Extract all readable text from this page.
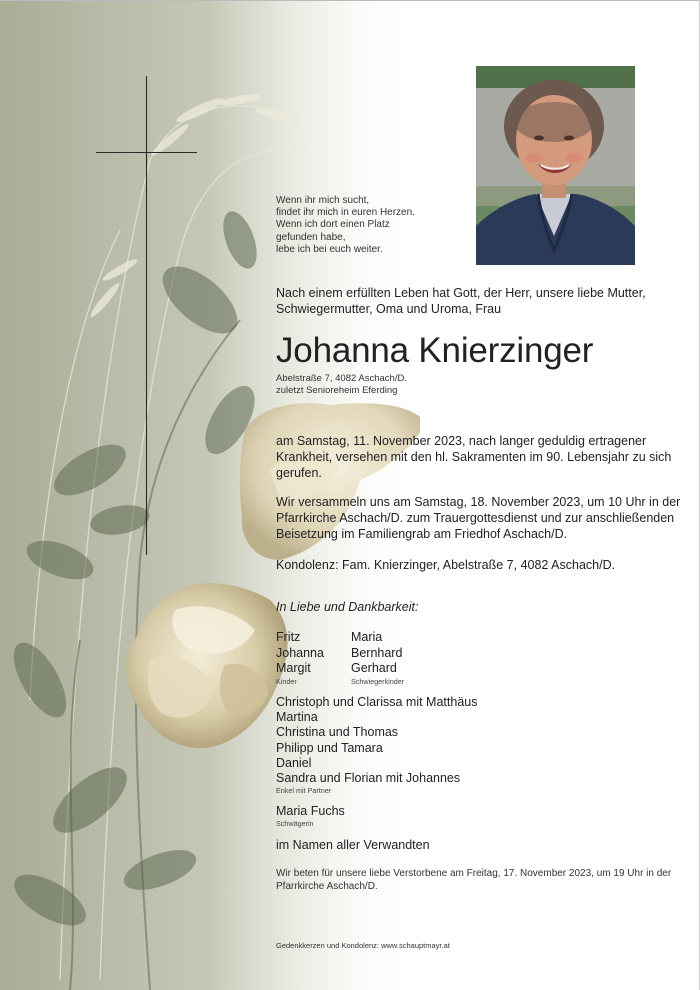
Wenn ihr mich sucht,
findet ihr mich in euren Herzen.
Wenn ich dort einen Platz
gefunden habe,
lebe ich bei euch weiter.
Nach einem erfüllten Leben hat Gott, der Herr, unsere liebe Mutter, Schwiegermutter, Oma und Uroma, Frau
Johanna Knierzinger
Abelstraße 7, 4082 Aschach/D.
zuletzt Senioreheim Eferding
am Samstag, 11. November 2023, nach langer geduldig ertragener Krankheit, versehen mit den hl. Sakramenten im 90. Lebensjahr zu sich gerufen.
Wir versammeln uns am Samstag, 18. November 2023, um 10 Uhr in der Pfarrkirche Aschach/D. zum Trauergottesdienst und zur anschließenden Beisetzung im Familiengrab am Friedhof Aschach/D.
Kondolenz: Fam. Knierzinger, Abelstraße 7, 4082 Aschach/D.
In Liebe und Dankbarkeit:
Fritz
Johanna
Margit
Kinder
Maria
Bernhard
Gerhard
Schwiegerkinder
Christoph und Clarissa mit Matthäus
Martina
Christina und Thomas
Philipp und Tamara
Daniel
Sandra und Florian mit Johannes
Enkel mit Partner
Maria Fuchs
Schwägerin
im Namen aller Verwandten
Wir beten für unsere liebe Verstorbene am Freitag, 17. November 2023, um 19 Uhr in der Pfarrkirche Aschach/D.
Gedenkkerzen und Kondolenz: www.schauptmayr.at
